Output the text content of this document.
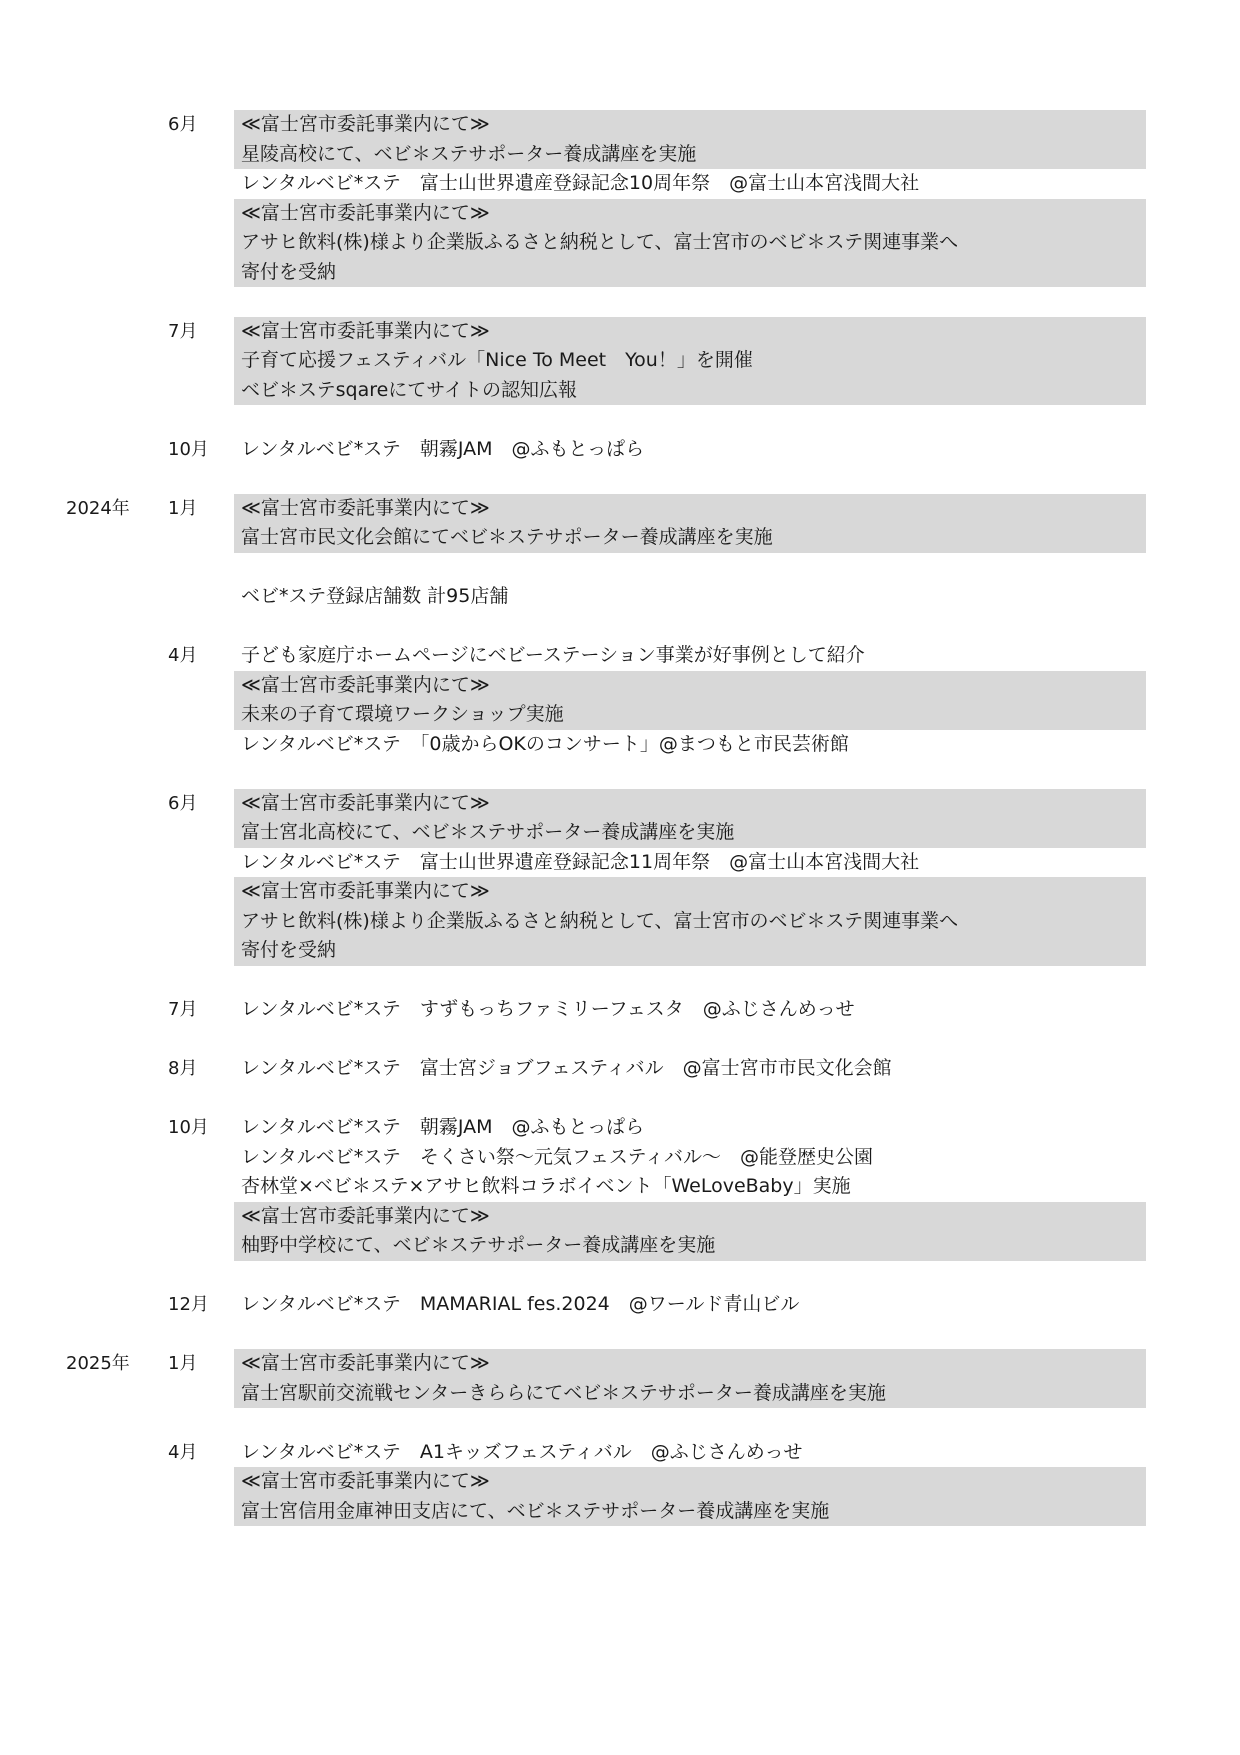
6月 ≪富士宮市委託事業内にて≫
星陵高校にて、ベビ＊ステサポーター養成講座を実施
レンタルベビ*ステ　富士山世界遺産登録記念10周年祭　@富士山本宮浅間大社
≪富士宮市委託事業内にて≫
アサヒ飲料(株)様より企業版ふるさと納税として、富士宮市のベビ＊ステ関連事業へ
寄付を受納
7月 ≪富士宮市委託事業内にて≫
子育て応援フェスティバル「Nice To Meet　You！」を開催
ベビ＊ステsqareにてサイトの認知広報
10月 レンタルベビ*ステ　朝霧JAM　@ふもとっぱら
2024年 1月 ≪富士宮市委託事業内にて≫
富士宮市民文化会館にてベビ＊ステサポーター養成講座を実施
ベビ*ステ登録店舗数 計95店舗
4月 子ども家庭庁ホームページにベビーステーション事業が好事例として紹介
≪富士宮市委託事業内にて≫
未来の子育て環境ワークショップ実施
レンタルベビ*ステ　「0歳からOKのコンサート」@まつもと市民芸術館
6月 ≪富士宮市委託事業内にて≫
富士宮北高校にて、ベビ＊ステサポーター養成講座を実施
レンタルベビ*ステ　富士山世界遺産登録記念11周年祭　@富士山本宮浅間大社
≪富士宮市委託事業内にて≫
アサヒ飲料(株)様より企業版ふるさと納税として、富士宮市のベビ＊ステ関連事業へ
寄付を受納
7月 レンタルベビ*ステ　すずもっちファミリーフェスタ　@ふじさんめっせ
8月 レンタルベビ*ステ　富士宮ジョブフェスティバル　@富士宮市市民文化会館
10月 レンタルベビ*ステ　朝霧JAM　@ふもとっぱら
レンタルベビ*ステ　そくさい祭～元気フェスティバル～　@能登歴史公園
杏林堂×ベビ＊ステ×アサヒ飲料コラボイベント「WeLoveBaby」実施
≪富士宮市委託事業内にて≫
柚野中学校にて、ベビ＊ステサポーター養成講座を実施
12月 レンタルベビ*ステ　MAMARIAL fes.2024　@ワールド青山ビル
2025年 1月 ≪富士宮市委託事業内にて≫
富士宮駅前交流戦センターきららにてベビ＊ステサポーター養成講座を実施
4月 レンタルベビ*ステ　A1キッズフェスティバル　@ふじさんめっせ
≪富士宮市委託事業内にて≫
富士宮信用金庫神田支店にて、ベビ＊ステサポーター養成講座を実施
